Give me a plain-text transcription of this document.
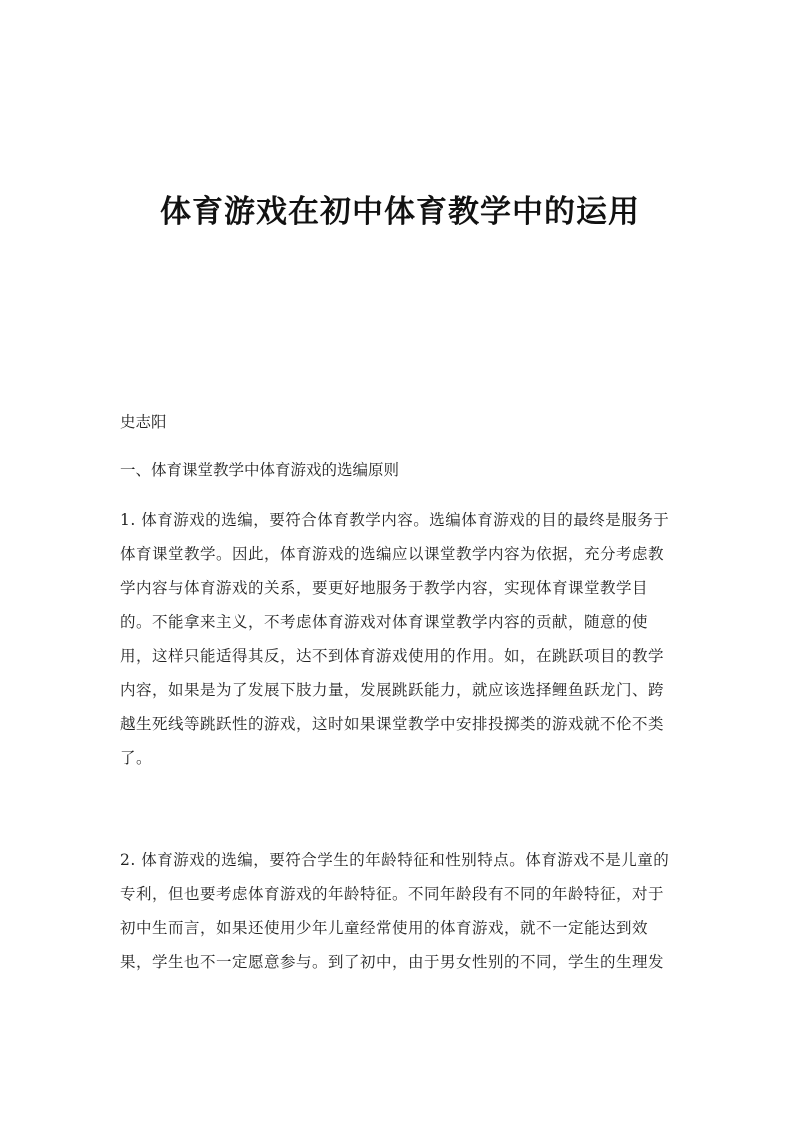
体育游戏在初中体育教学中的运用
史志阳
一、体育课堂教学中体育游戏的选编原则
1. 体育游戏的选编，要符合体育教学内容。选编体育游戏的目的最终是服务于
体育课堂教学。因此，体育游戏的选编应以课堂教学内容为依据，充分考虑教
学内容与体育游戏的关系，要更好地服务于教学内容，实现体育课堂教学目
的。不能拿来主义，不考虑体育游戏对体育课堂教学内容的贡献，随意的使
用，这样只能适得其反，达不到体育游戏使用的作用。如，在跳跃项目的教学
内容，如果是为了发展下肢力量，发展跳跃能力，就应该选择鲤鱼跃龙门、跨
越生死线等跳跃性的游戏，这时如果课堂教学中安排投掷类的游戏就不伦不类
了。
2. 体育游戏的选编，要符合学生的年龄特征和性别特点。体育游戏不是儿童的
专利，但也要考虑体育游戏的年龄特征。不同年龄段有不同的年龄特征，对于
初中生而言，如果还使用少年儿童经常使用的体育游戏，就不一定能达到效
果，学生也不一定愿意参与。到了初中，由于男女性别的不同，学生的生理发
